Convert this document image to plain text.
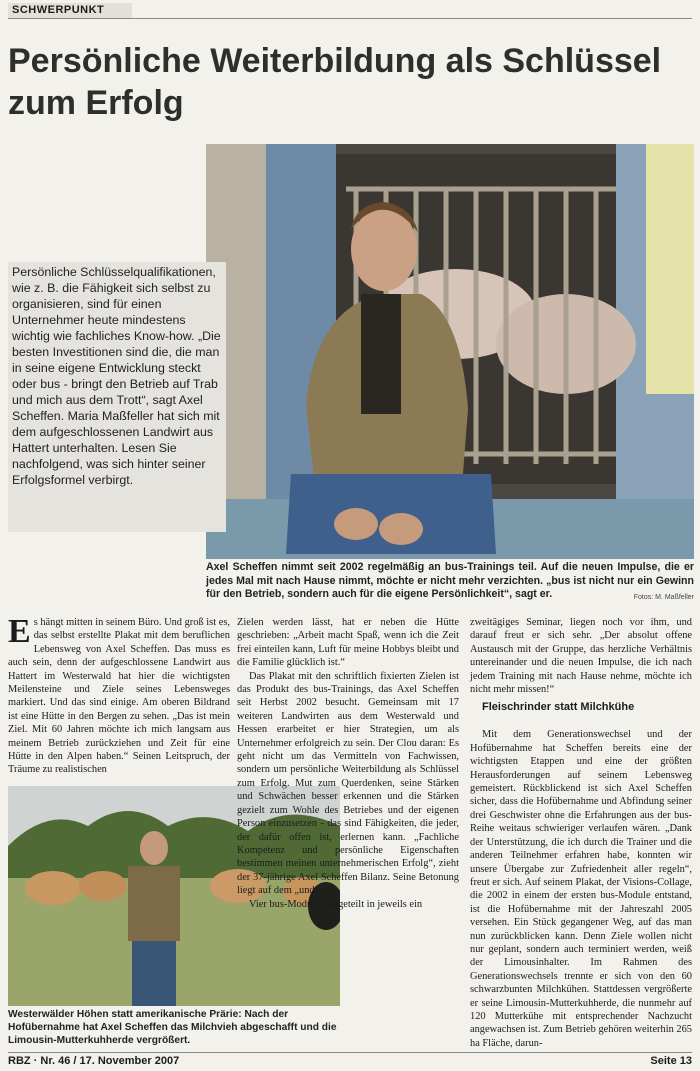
SCHWERPUNKT
Persönliche Weiterbildung als Schlüssel zum Erfolg
Persönliche Schlüsselqualifikationen, wie z. B. die Fähigkeit sich selbst zu organisieren, sind für einen Unternehmer heute mindestens wichtig wie fachliches Know-how. „Die besten Investitionen sind die, die man in seine eigene Entwicklung steckt oder bus - bringt den Betrieb auf Trab und mich aus dem Trott“, sagt Axel Scheffen. Maria Maßfeller hat sich mit dem aufgeschlossenen Landwirt aus Hattert unterhalten. Lesen Sie nachfolgend, was sich hinter seiner Erfolgsformel verbirgt.
Axel Scheffen nimmt seit 2002 regelmäßig an bus-Trainings teil. Auf die neuen Impulse, die er jedes Mal mit nach Hause nimmt, möchte er nicht mehr verzichten. „bus ist nicht nur ein Gewinn für den Betrieb, sondern auch für die eigene Persönlichkeit“, sagt er.	Fotos: M. Maßfeller

Es hängt mitten in seinem Büro. Und groß ist es, das selbst erstellte Plakat mit dem beruflichen Lebensweg von Axel Scheffen. Das muss es auch sein, denn der aufgeschlossene Landwirt aus Hattert im Westerwald hat hier die wichtigsten Meilensteine und Ziele seines Lebensweges markiert. Und das sind einige. Am oberen Bildrand ist eine Hütte in den Bergen zu sehen. „Das ist mein Ziel. Mit 60 Jahren möchte ich mich langsam aus meinem Betrieb zurückziehen und Zeit für eine Hütte in den Alpen haben.“ Seinen Leitspruch, der Träume zu realistischen

Westerwälder Höhen statt amerikanische Prärie: Nach der Hofübernahme hat Axel Scheffen das Milchvieh abgeschafft und die Limousin-Mutterkuhherde vergrößert.

Zielen werden lässt, hat er neben die Hütte geschrieben: „Arbeit macht Spaß, wenn ich die Zeit frei einteilen kann, Luft für meine Hobbys bleibt und die Familie glücklich ist.“

Das Plakat mit den schriftlich fixierten Zielen ist das Produkt des bus-Trainings, das Axel Scheffen seit Herbst 2002 besucht. Gemeinsam mit 17 weiteren Landwirten aus dem Westerwald und Hessen erarbeitet er hier Strategien, um als Unternehmer erfolgreich zu sein. Der Clou daran: Es geht nicht um das Vermitteln von Fachwissen, sondern um persönliche Weiterbildung als Schlüssel zum Erfolg. Mut zum Querdenken, seine Stärken und Schwächen besser erkennen und die Stärken gezielt zum Wohle des Betriebes und der eigenen Person einzusetzen - das sind Fähigkeiten, die jeder, der dafür offen ist, erlernen kann. „Fachliche Kompetenz und persönliche Eigenschaften bestimmen meinen unternehmerischen Erfolg“, zieht der 37-jährige Axel Scheffen Bilanz. Seine Betonung liegt auf dem „und“.

Vier bus-Module, aufgeteilt in jeweils ein

zweitägiges Seminar, liegen noch vor ihm, und darauf freut er sich sehr. „Der absolut offene Austausch mit der Gruppe, das herzliche Verhältnis untereinander und die neuen Impulse, die ich nach jedem Training mit nach Hause nehme, möchte ich nicht mehr missen!“

Fleischrinder statt Milchkühe

Mit dem Generationswechsel und der Hofübernahme hat Scheffen bereits eine der wichtigsten Etappen und eine der größten Herausforderungen auf seinem Lebensweg gemeistert. Rückblickend ist sich Axel Scheffen sicher, dass die Hofübernahme und Abfindung seiner drei Geschwister ohne die Erfahrungen aus der bus-Reihe weitaus schwieriger verlaufen wären. „Dank der Unterstützung, die ich durch die Trainer und die anderen Teilnehmer erfahren habe, konnten wir unsere Übergabe zur Zufriedenheit aller regeln“, freut er sich. Auf seinem Plakat, der Visions-Collage, die 2002 in einem der ersten bus-Module entstand, ist die Hofübernahme mit der Jahreszahl 2005 versehen. Ein Stück gegangener Weg, auf das man nun zurückblicken kann. Denn Ziele wollen nicht nur geplant, sondern auch terminiert werden, weiß der Limousinhalter. Im Rahmen des Generationswechsels trennte er sich von den 60 schwarzbunten Milchkühen. Stattdessen vergrößerte er seine Limousin-Mutterkuhherde, die nunmehr auf 120 Mutterkühe mit entsprechender Nachzucht angewachsen ist. Zum Betrieb gehören weiterhin 265 ha Fläche, darun-

RBZ · Nr. 46 / 17. November 2007	Seite 13
